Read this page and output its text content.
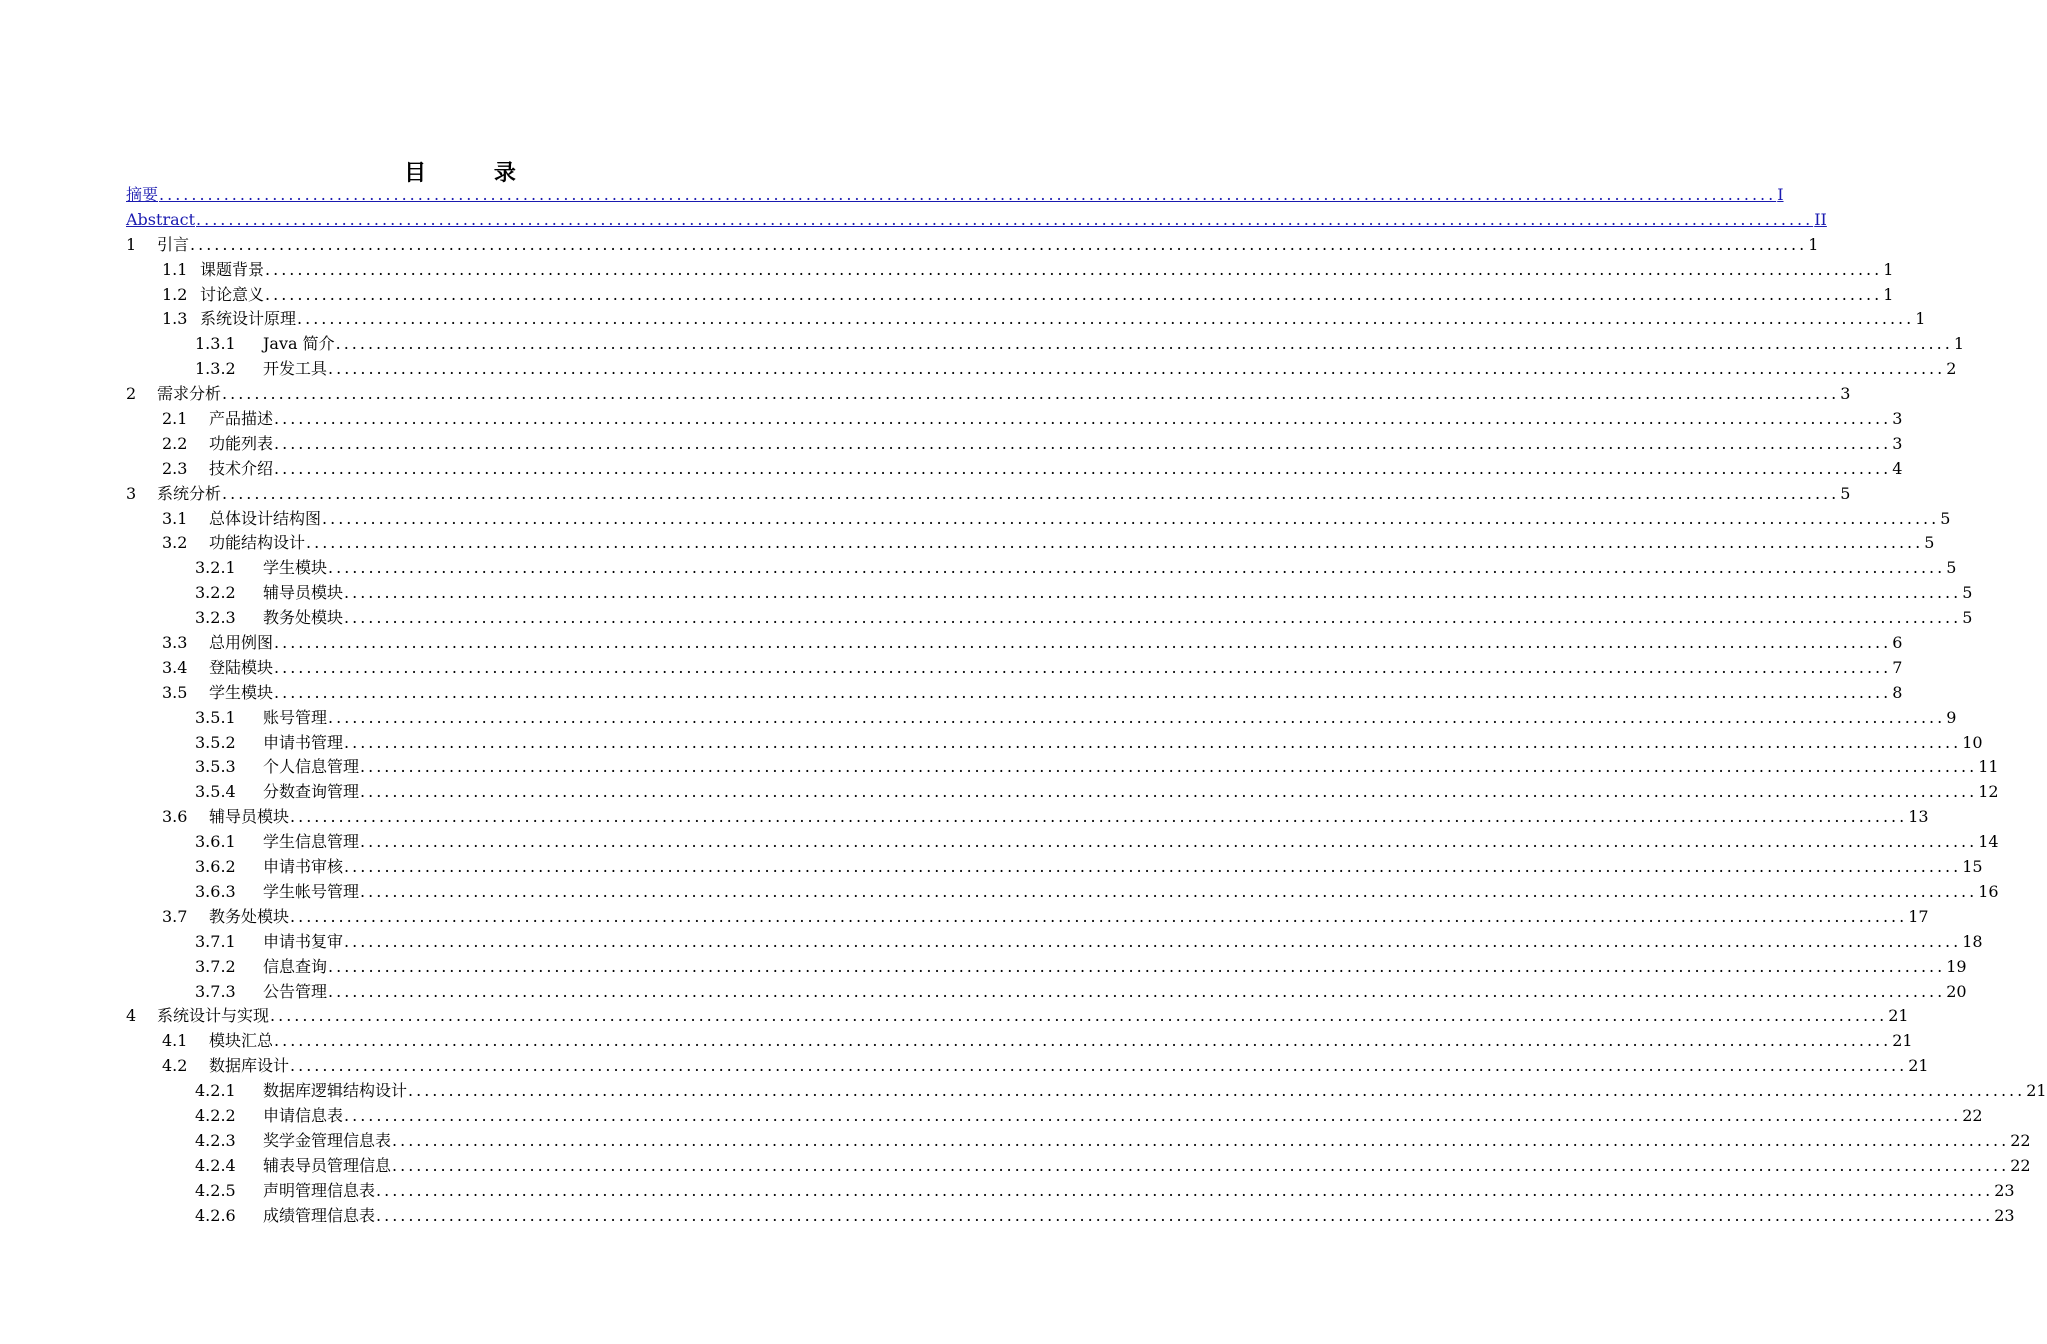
目 录
摘要 ........................................................................................................................................................................................................ I
Abstract ........................................................................................................................................................................................................ II
1	引言 ........................................................................................................................................................................................................ 1
1.1 课题背景 ........................................................................................................................................................................................................ 1
1.2 讨论意义 ........................................................................................................................................................................................................ 1
1.3 系统设计原理 ........................................................................................................................................................................................................ 1
1.3.1	Java 简介 ........................................................................................................................................................................................................ 1
1.3.2	开发工具 ........................................................................................................................................................................................................ 2
2	需求分析 ........................................................................................................................................................................................................ 3
2.1	产品描述 ........................................................................................................................................................................................................ 3
2.2	功能列表 ........................................................................................................................................................................................................ 3
2.3	技术介绍 ........................................................................................................................................................................................................ 4
3	系统分析 ........................................................................................................................................................................................................ 5
3.1	总体设计结构图 ........................................................................................................................................................................................................ 5
3.2	功能结构设计 ........................................................................................................................................................................................................ 5
3.2.1	学生模块 ........................................................................................................................................................................................................ 5
3.2.2	辅导员模块 ........................................................................................................................................................................................................ 5
3.2.3	教务处模块 ........................................................................................................................................................................................................ 5
3.3	总用例图 ........................................................................................................................................................................................................ 6
3.4	登陆模块 ........................................................................................................................................................................................................ 7
3.5	学生模块 ........................................................................................................................................................................................................ 8
3.5.1	账号管理 ........................................................................................................................................................................................................ 9
3.5.2	申请书管理 ........................................................................................................................................................................................................ 10
3.5.3	个人信息管理 ........................................................................................................................................................................................................ 11
3.5.4	分数查询管理 ........................................................................................................................................................................................................ 12
3.6	辅导员模块 ........................................................................................................................................................................................................ 13
3.6.1	学生信息管理 ........................................................................................................................................................................................................ 14
3.6.2	申请书审核 ........................................................................................................................................................................................................ 15
3.6.3	学生帐号管理 ........................................................................................................................................................................................................ 16
3.7	教务处模块 ........................................................................................................................................................................................................ 17
3.7.1	申请书复审 ........................................................................................................................................................................................................ 18
3.7.2	信息查询 ........................................................................................................................................................................................................ 19
3.7.3	公告管理 ........................................................................................................................................................................................................ 20
4	系统设计与实现 ........................................................................................................................................................................................................ 21
4.1	模块汇总 ........................................................................................................................................................................................................ 21
4.2	数据库设计 ........................................................................................................................................................................................................ 21
4.2.1	数据库逻辑结构设计 ........................................................................................................................................................................................................ 21
4.2.2	申请信息表 ........................................................................................................................................................................................................ 22
4.2.3	奖学金管理信息表 ........................................................................................................................................................................................................ 22
4.2.4	辅表导员管理信息 ........................................................................................................................................................................................................ 22
4.2.5	声明管理信息表 ........................................................................................................................................................................................................ 23
4.2.6	成绩管理信息表 ........................................................................................................................................................................................................ 23
